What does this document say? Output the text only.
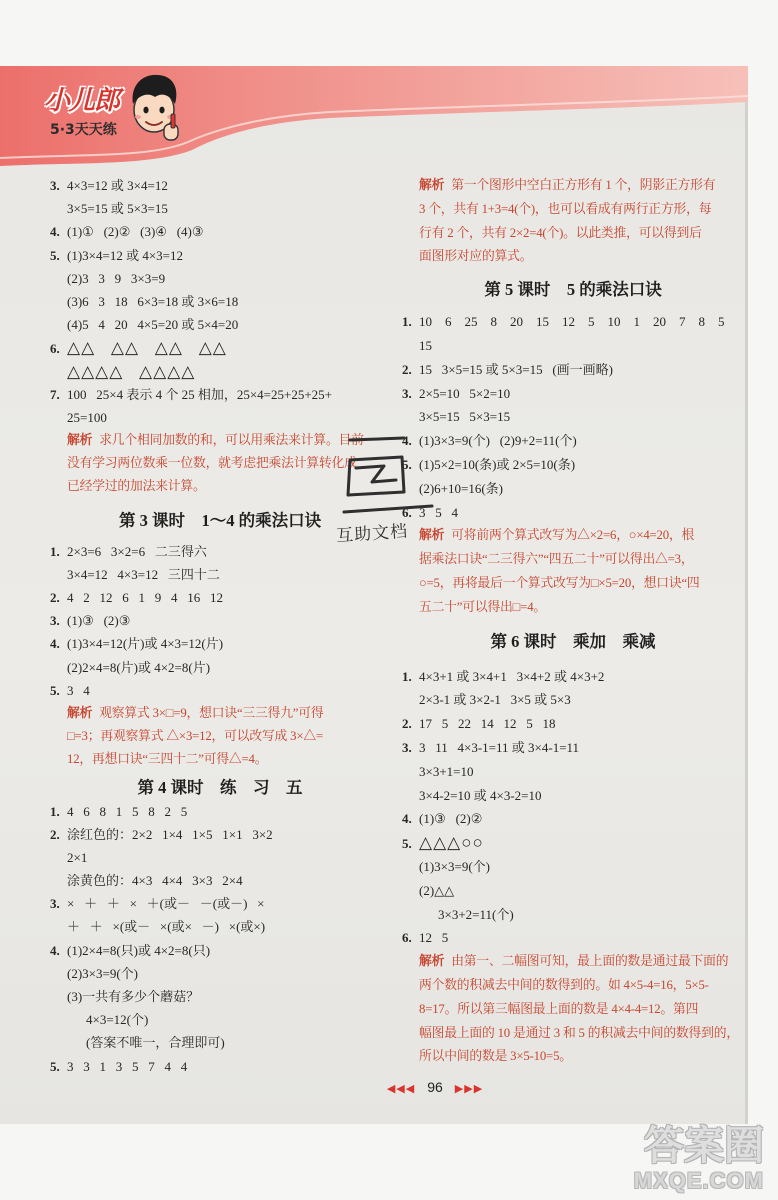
小儿郎
5·3天天练
3. 4×3=12 或 3×4=12
3×5=15 或 5×3=15
4. (1)①   (2)②   (3)④   (4)③
5. (1)3×4=12 或 4×3=12
(2)3   3   9   3×3=9
(3)6   3   18   6×3=18 或 3×6=18
(4)5   4   20   4×5=20 或 5×4=20
6. △△   △△   △△   △△
△△△△   △△△△
7. 100   25×4 表示 4 个 25 相加，25×4=25+25+25+
25=100
解析 求几个相同加数的和，可以用乘法来计算。目前
没有学习两位数乘一位数，就考虑把乘法计算转化成
已经学过的加法来计算。
第 3 课时　1～4 的乘法口诀
1. 2×3=6   3×2=6   二三得六
3×4=12   4×3=12   三四十二
2. 4   2   12   6   1   9   4   16   12
3. (1)③   (2)③
4. (1)3×4=12(片)或 4×3=12(片)
(2)2×4=8(片)或 4×2=8(片)
5. 3   4
解析 观察算式 3×□=9，想口诀“三三得九”可得
□=3；再观察算式 △×3=12，可以改写成 3×△=
12，再想口诀“三四十二”可得△=4。
第 4 课时　练　习　五
1. 4   6   8   1   5   8   2   5
2. 涂红色的：2×2   1×4   1×5   1×1   3×2
2×1
涂黄色的：4×3   4×4   3×3   2×4
3. ×   ＋   ＋   ×   ＋(或－   －(或－)   ×
＋   ＋   ×(或－   ×(或×   －)   ×(或×)
4. (1)2×4=8(只)或 4×2=8(只)
(2)3×3=9(个)
(3)一共有多少个蘑菇？
4×3=12(个)
(答案不唯一，合理即可)
5. 3   3   1   3   5   7   4   4
解析 第一个图形中空白正方形有 1 个，阴影正方形有
3 个，共有 1+3=4(个)，也可以看成有两行正方形，每
行有 2 个，共有 2×2=4(个)。以此类推，可以得到后
面图形对应的算式。
第 5 课时　5 的乘法口诀
1. 10    6    25    8    20    15    12    5    10    1    20    7    8    5
15
2. 15   3×5=15 或 5×3=15   (画一画略)
3. 2×5=10   5×2=10
3×5=15   5×3=15
4. (1)3×3=9(个)   (2)9+2=11(个)
5. (1)5×2=10(条)或 2×5=10(条)
(2)6+10=16(条)
6. 3   5   4
解析 可将前两个算式改写为△×2=6，○×4=20，根
据乘法口诀“二三得六”“四五二十”可以得出△=3，
○=5，再将最后一个算式改写为□×5=20，想口诀“四
五二十”可以得出□=4。
第 6 课时　乘加　乘减
1. 4×3+1 或 3×4+1   3×4+2 或 4×3+2
2×3-1 或 3×2-1   3×5 或 5×3
2. 17   5   22   14   12   5   18
3. 3   11   4×3-1=11 或 3×4-1=11
3×3+1=10
3×4-2=10 或 4×3-2=10
4. (1)③   (2)②
5. △△△○○
(1)3×3=9(个)
(2)△△
3×3+2=11(个)
6. 12   5
解析 由第一、二幅图可知，最上面的数是通过最下面的
两个数的积减去中间的数得到的。如 4×5-4=16，5×5-
8=17。所以第三幅图最上面的数是 4×4-4=12。第四
幅图最上面的 10 是通过 3 和 5 的积减去中间的数得到的，
所以中间的数是 3×5-10=5。
互助文档
◀◀◀ 96 ▶▶▶
答案圈
MXQE.COM
